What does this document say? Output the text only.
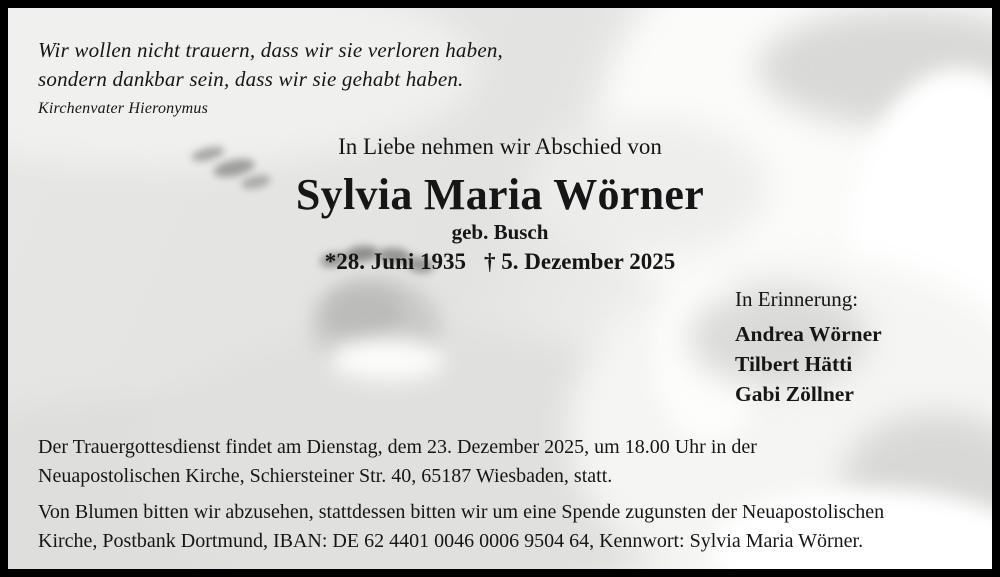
Wir wollen nicht trauern, dass wir sie verloren haben,
sondern dankbar sein, dass wir sie gehabt haben.
Kirchenvater Hieronymus
In Liebe nehmen wir Abschied von
Sylvia Maria Wörner
geb. Busch
*28. Juni 1935 † 5. Dezember 2025
In Erinnerung:
Andrea Wörner
Tilbert Hätti
Gabi Zöllner
Der Trauergottesdienst findet am Dienstag, dem 23. Dezember 2025, um 18.00 Uhr in der
Neuapostolischen Kirche, Schiersteiner Str. 40, 65187 Wiesbaden, statt.
Von Blumen bitten wir abzusehen, stattdessen bitten wir um eine Spende zugunsten der Neuapostolischen
Kirche, Postbank Dortmund, IBAN: DE 62 4401 0046 0006 9504 64, Kennwort: Sylvia Maria Wörner.
